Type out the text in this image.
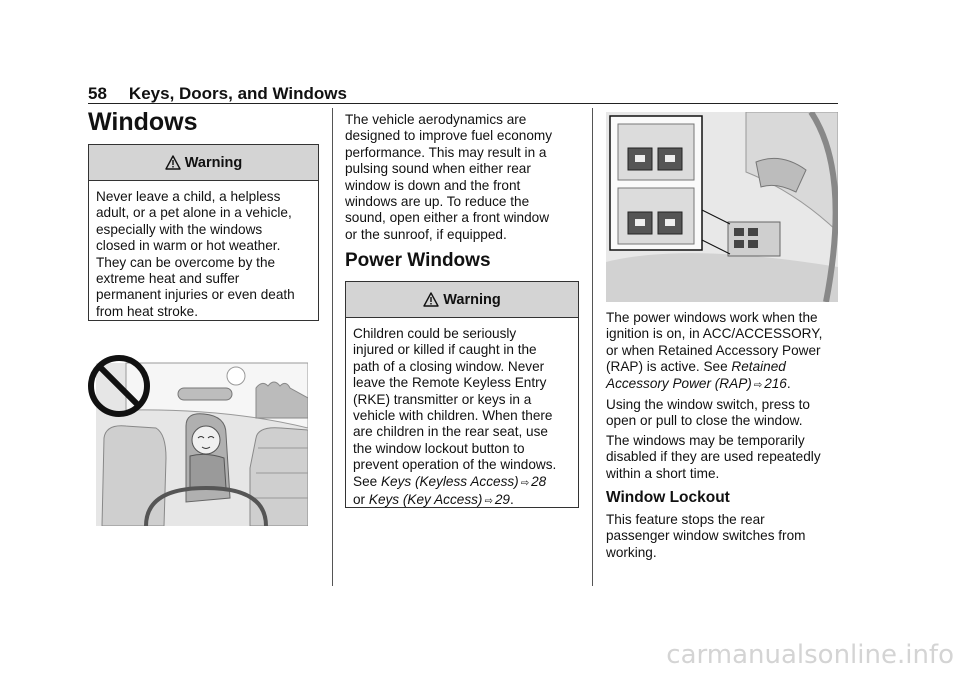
58 Keys, Doors, and Windows
Windows
Warning
Never leave a child, a helpless
adult, or a pet alone in a vehicle,
especially with the windows
closed in warm or hot weather.
They can be overcome by the
extreme heat and suffer
permanent injuries or even death
from heat stroke.
The vehicle aerodynamics are
designed to improve fuel economy
performance. This may result in a
pulsing sound when either rear
window is down and the front
windows are up. To reduce the
sound, open either a front window
or the sunroof, if equipped.
Power Windows
Warning
Children could be seriously
injured or killed if caught in the
path of a closing window. Never
leave the Remote Keyless Entry
(RKE) transmitter or keys in a
vehicle with children. When there
are children in the rear seat, use
the window lockout button to
prevent operation of the windows.
See Keys (Keyless Access) ⇨ 28
or Keys (Key Access) ⇨ 29.
The power windows work when the
ignition is on, in ACC/ACCESSORY,
or when Retained Accessory Power
(RAP) is active. See Retained
Accessory Power (RAP) ⇨ 216.
Using the window switch, press to
open or pull to close the window.
The windows may be temporarily
disabled if they are used repeatedly
within a short time.
Window Lockout
This feature stops the rear
passenger window switches from
working.
carmanualsonline.info
